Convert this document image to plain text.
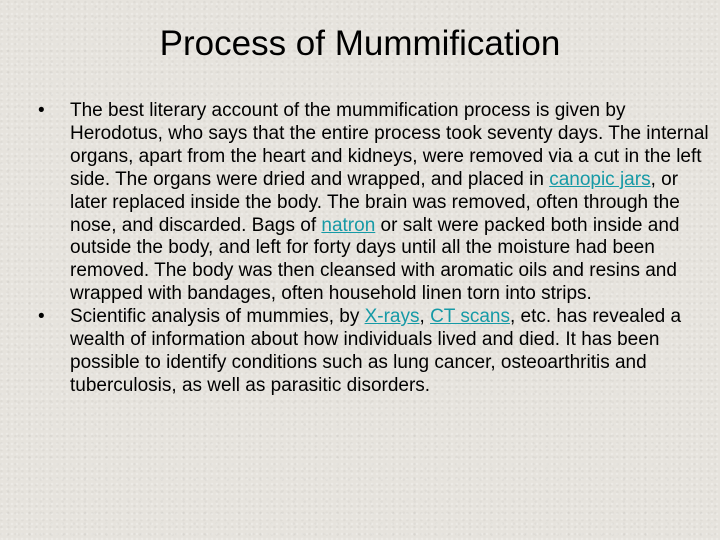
Process of Mummification
•	The best literary account of the mummification process is given by Herodotus, who says that the entire process took seventy days. The internal organs, apart from the heart and kidneys, were removed via a cut in the left side. The organs were dried and wrapped, and placed in canopic jars, or later replaced inside the body. The brain was removed, often through the nose, and discarded. Bags of natron or salt were packed both inside and outside the body, and left for forty days until all the moisture had been removed. The body was then cleansed with aromatic oils and resins and wrapped with bandages, often household linen torn into strips.
•	Scientific analysis of mummies, by X-rays, CT scans, etc. has revealed a wealth of information about how individuals lived and died. It has been possible to identify conditions such as lung cancer, osteoarthritis and tuberculosis, as well as parasitic disorders.
